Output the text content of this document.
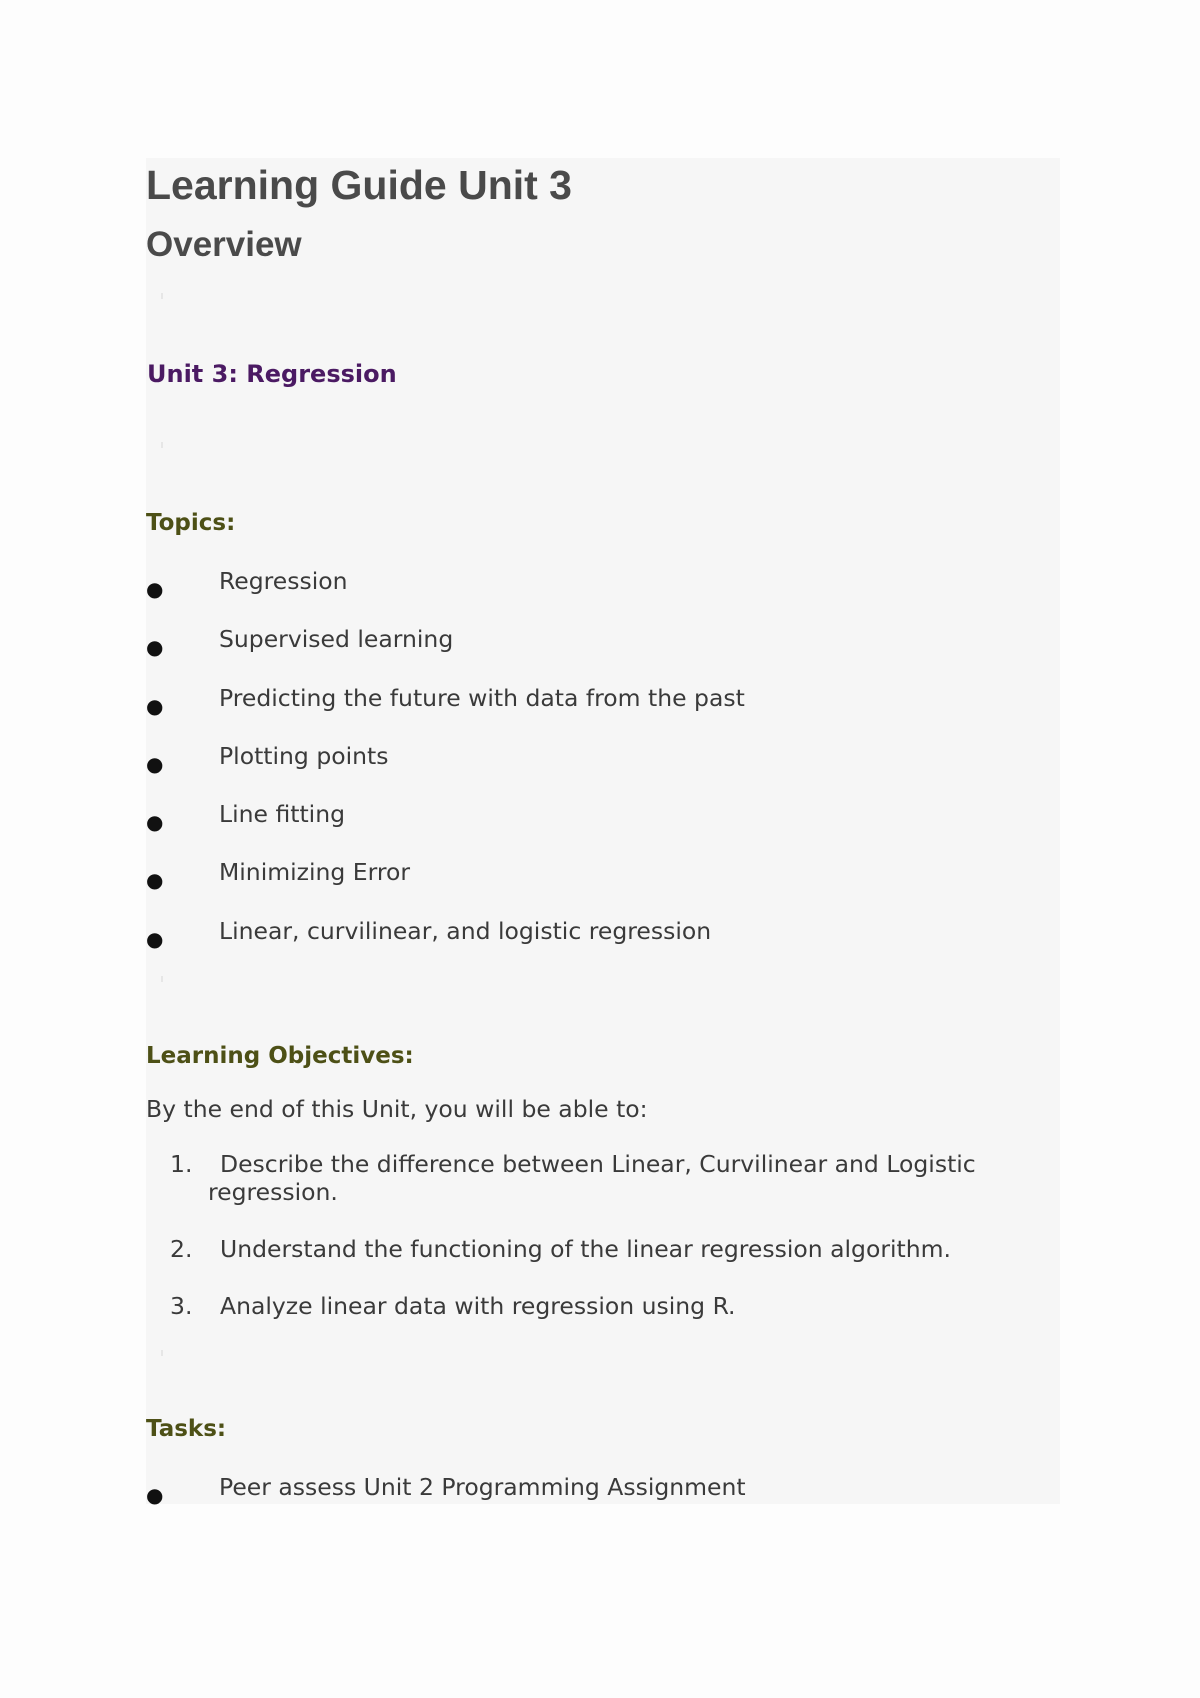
Learning Guide Unit 3
Overview
Unit 3: Regression
Topics:
● Regression
● Supervised learning
● Predicting the future with data from the past
● Plotting points
● Line fitting
● Minimizing Error
● Linear, curvilinear, and logistic regression
Learning Objectives:

By the end of this Unit, you will be able to:

1.	Describe the difference between Linear, Curvilinear and Logistic regression.
2.	Understand the functioning of the linear regression algorithm.
3.	Analyze linear data with regression using R.
Tasks:
● Peer assess Unit 2 Programming Assignment
